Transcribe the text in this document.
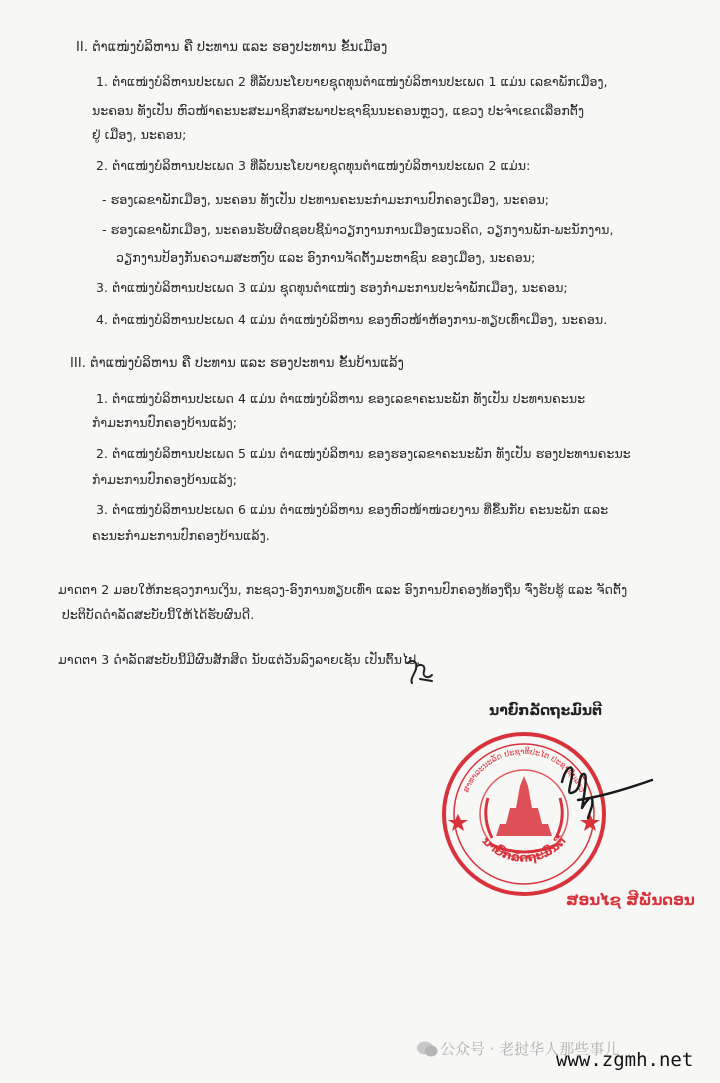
II. ຕຳແໜ່ງບໍລິຫານ ຄື ປະທານ ແລະ ຮອງປະທານ ຂັ້ນເມືອງ
1. ຕຳແໜ່ງບໍລິຫານປະເພດ 2 ທີ່ລັບນະໂຍບາຍຊຸດທຸນຕຳແໜ່ງບໍລິຫານປະເພດ 1 ແມ່ນ ເລຂາພັກເມືອງ,
ນະຄອນ ທັງເປັນ ຫົວໜ້າຄະນະສະມາຊິກສະພາປະຊາຊົນນະຄອນຫຼວງ, ແຂວງ ປະຈຳເຂດເລືອກຕັ້ງ
ຢູ່ ເມືອງ, ນະຄອນ;
2. ຕຳແໜ່ງບໍລິຫານປະເພດ 3 ທີ່ລັບນະໂຍບາຍຊຸດທຸນຕຳແໜ່ງບໍລິຫານປະເພດ 2 ແມ່ນ:
- ຮອງເລຂາພັກເມືອງ, ນະຄອນ ທັງເປັນ ປະທານຄະນະກຳມະການປົກຄອງເມືອງ, ນະຄອນ;
- ຮອງເລຂາພັກເມືອງ, ນະຄອນຮັບຜິດຊອບຊີ້ນຳວຽກງານການເມືອງແນວຄິດ, ວຽກງານພັກ-ພະນັກງານ,
ວຽກງານປ້ອງກັນຄວາມສະຫງົບ ແລະ ອົງການຈັດຕັ້ງມະຫາຊົນ ຂອງເມືອງ, ນະຄອນ;
3. ຕຳແໜ່ງບໍລິຫານປະເພດ 3 ແມ່ນ ຊຸດທຸນຕຳແໜ່ງ ຮອງກຳມະການປະຈຳພັກເມືອງ, ນະຄອນ;
4. ຕຳແໜ່ງບໍລິຫານປະເພດ 4 ແມ່ນ ຕຳແໜ່ງບໍລິຫານ ຂອງຫົວໜ້າຫ້ອງການ-ທຽບເທົ່າເມືອງ, ນະຄອນ.
III. ຕຳແໜ່ງບໍລິຫານ ຄື ປະທານ ແລະ ຮອງປະທານ ຂັ້ນບ້ານແລ້ງ
1. ຕຳແໜ່ງບໍລິຫານປະເພດ 4 ແມ່ນ ຕຳແໜ່ງບໍລິຫານ ຂອງເລຂາຄະນະພັກ ທັງເປັນ ປະທານຄະນະ
ກຳມະການປົກຄອງບ້ານແລ້ງ;
2. ຕຳແໜ່ງບໍລິຫານປະເພດ 5 ແມ່ນ ຕຳແໜ່ງບໍລິຫານ ຂອງຮອງເລຂາຄະນະພັກ ທັງເປັນ ຮອງປະທານຄະນະ
ກຳມະການປົກຄອງບ້ານແລ້ງ;
3. ຕຳແໜ່ງບໍລິຫານປະເພດ 6 ແມ່ນ ຕຳແໜ່ງບໍລິຫານ ຂອງຫົວໜ້າໜ່ວຍງານ ທີ່ຂຶ້ນກັບ ຄະນະພັກ ແລະ
ຄະນະກຳມະການປົກຄອງບ້ານແລ້ງ.
ມາດຕາ 2 ມອບໃຫ້ກະຊວງການເງິນ, ກະຊວງ-ອົງການທຽບເທົ່າ ແລະ ອົງການປົກຄອງທ້ອງຖິ່ນ ຈົ່ງຮັບຮູ້ ແລະ ຈັດຕັ້ງ
ປະຕິບັດດຳລັດສະບັບນີ້ໃຫ້ໄດ້ຮັບຜົນດີ.
ມາດຕາ 3 ດຳລັດສະບັບນີ້ມີຜົນສັກສິດ ນັບແຕ່ວັນລົງລາຍເຊັນ ເປັນຕົ້ນໄປ.
ນາຍົກລັດຖະມົນຕີ
ສາທາລະນະລັດ ປະຊາທິປະໄຕ ປະຊາຊົນລາວ
ນາຍົກລັດຖະມົນຕີ
ສອນໄຊ ສີພັນດອນ
公众号 · 老挝华人那些事儿
www.zgmh.net
